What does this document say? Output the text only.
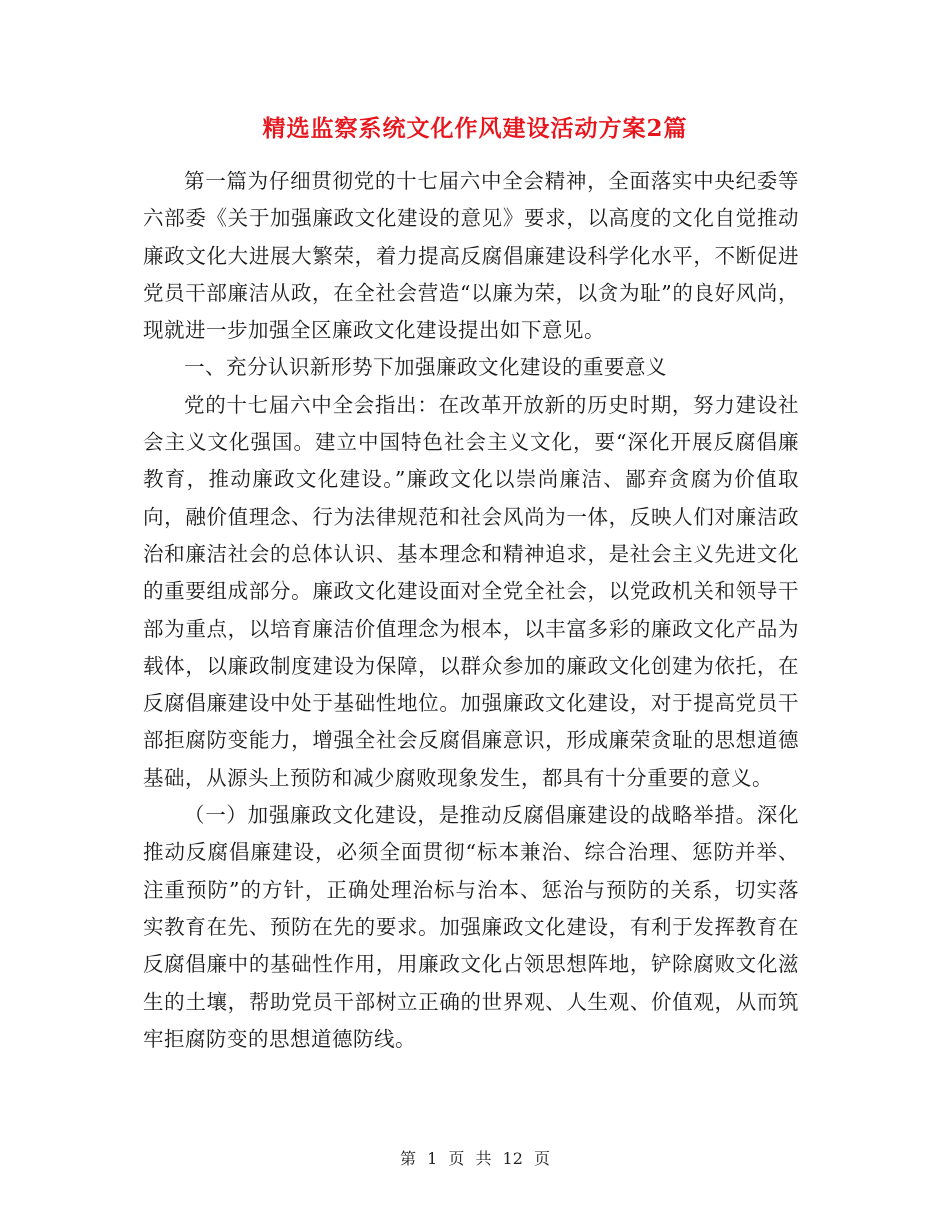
精选监察系统文化作风建设活动方案2篇

第一篇为仔细贯彻党的十七届六中全会精神，全面落实中央纪委等六部委《关于加强廉政文化建设的意见》要求，以高度的文化自觉推动廉政文化大进展大繁荣，着力提高反腐倡廉建设科学化水平，不断促进党员干部廉洁从政，在全社会营造“以廉为荣，以贪为耻”的良好风尚，现就进一步加强全区廉政文化建设提出如下意见。

一、充分认识新形势下加强廉政文化建设的重要意义

党的十七届六中全会指出：在改革开放新的历史时期，努力建设社会主义文化强国。建立中国特色社会主义文化，要“深化开展反腐倡廉教育，推动廉政文化建设。”廉政文化以崇尚廉洁、鄙弃贪腐为价值取向，融价值理念、行为法律规范和社会风尚为一体，反映人们对廉洁政治和廉洁社会的总体认识、基本理念和精神追求，是社会主义先进文化的重要组成部分。廉政文化建设面对全党全社会，以党政机关和领导干部为重点，以培育廉洁价值理念为根本，以丰富多彩的廉政文化产品为载体，以廉政制度建设为保障，以群众参加的廉政文化创建为依托，在反腐倡廉建设中处于基础性地位。加强廉政文化建设，对于提高党员干部拒腐防变能力，增强全社会反腐倡廉意识，形成廉荣贪耻的思想道德基础，从源头上预防和减少腐败现象发生，都具有十分重要的意义。

（一）加强廉政文化建设，是推动反腐倡廉建设的战略举措。深化推动反腐倡廉建设，必须全面贯彻“标本兼治、综合治理、惩防并举、注重预防”的方针，正确处理治标与治本、惩治与预防的关系，切实落实教育在先、预防在先的要求。加强廉政文化建设，有利于发挥教育在反腐倡廉中的基础性作用，用廉政文化占领思想阵地，铲除腐败文化滋生的土壤，帮助党员干部树立正确的世界观、人生观、价值观，从而筑牢拒腐防变的思想道德防线。

第 1 页 共 12 页
